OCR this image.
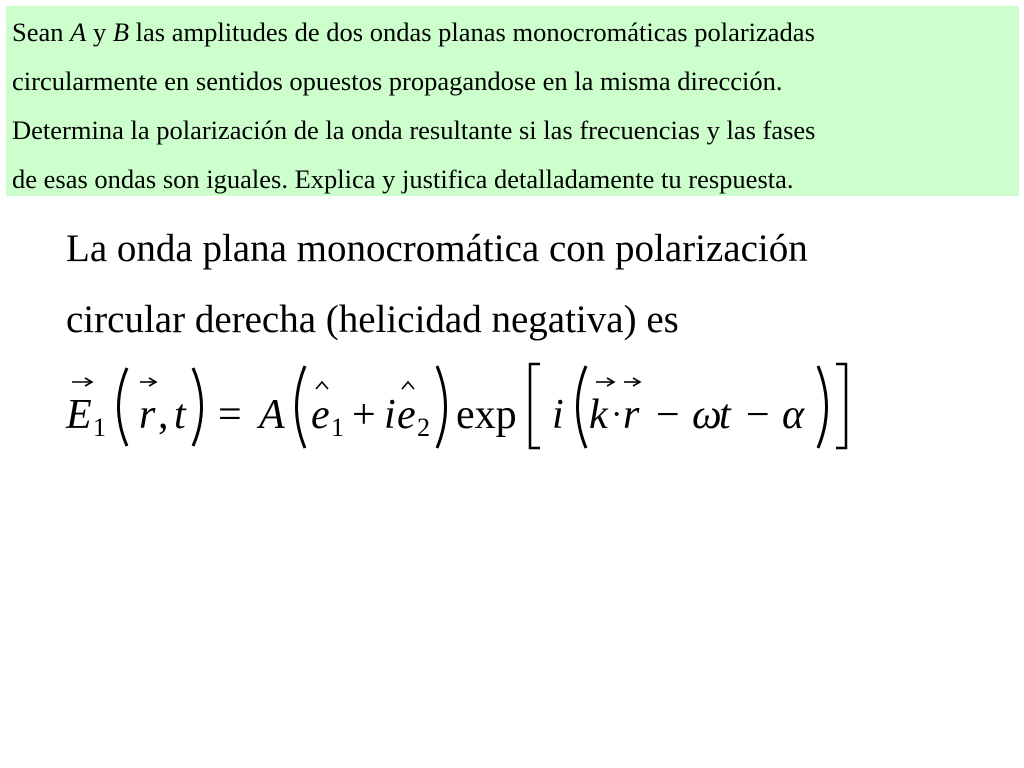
Sean A y B las amplitudes de dos ondas planas monocromáticas polarizadas
circularmente en sentidos opuestos propagandose en la misma dirección.
Determina la polarización de la onda resultante si las frecuencias y las fases
de esas ondas son iguales. Explica y justifica detalladamente tu respuesta.
La onda plana monocromática con polarización
circular derecha (helicidad negativa) es
E 1 r , t = A e 1 + i e 2 exp i k · r − ω
t − α
